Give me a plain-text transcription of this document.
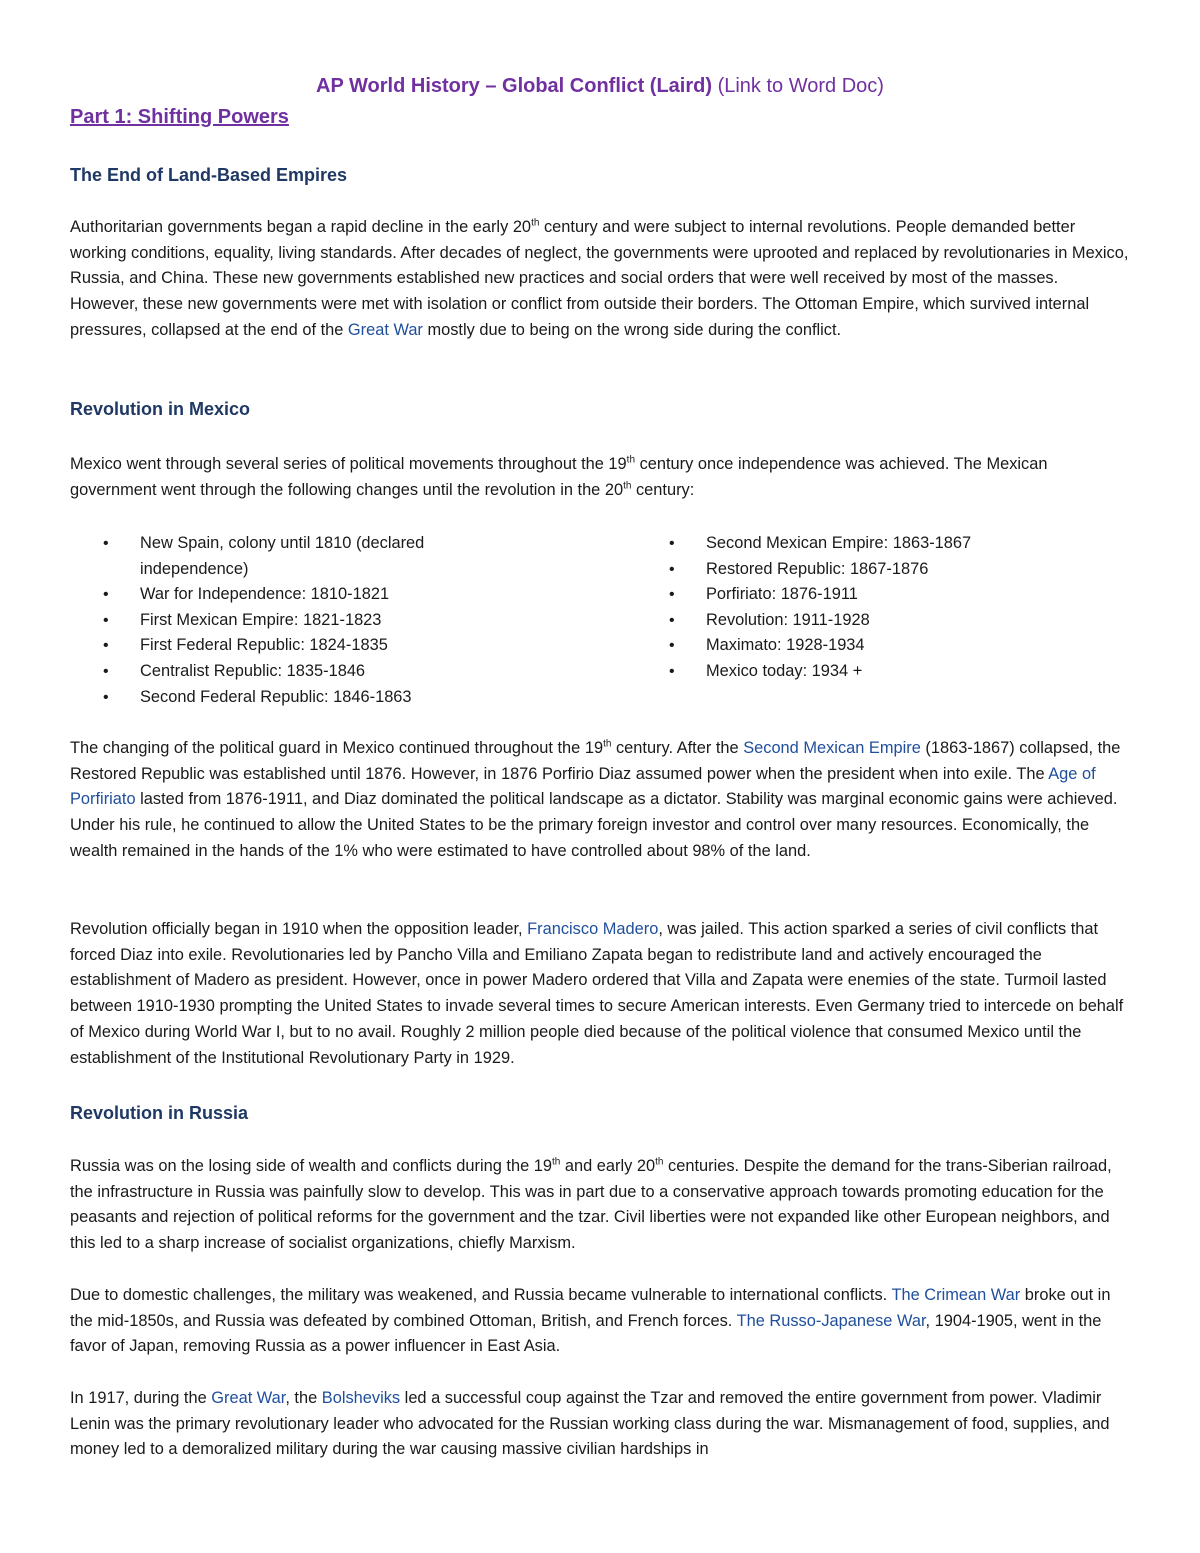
AP World History – Global Conflict (Laird) (Link to Word Doc)
Part 1: Shifting Powers
The End of Land-Based Empires
Authoritarian governments began a rapid decline in the early 20th century and were subject to internal revolutions. People demanded better working conditions, equality, living standards. After decades of neglect, the governments were uprooted and replaced by revolutionaries in Mexico, Russia, and China. These new governments established new practices and social orders that were well received by most of the masses. However, these new governments were met with isolation or conflict from outside their borders. The Ottoman Empire, which survived internal pressures, collapsed at the end of the Great War mostly due to being on the wrong side during the conflict.
Revolution in Mexico
Mexico went through several series of political movements throughout the 19th century once independence was achieved. The Mexican government went through the following changes until the revolution in the 20th century:
• New Spain, colony until 1810 (declared independence)
• War for Independence: 1810-1821
• First Mexican Empire: 1821-1823
• First Federal Republic: 1824-1835
• Centralist Republic: 1835-1846
• Second Federal Republic: 1846-1863
• Second Mexican Empire: 1863-1867
• Restored Republic: 1867-1876
• Porfiriato: 1876-1911
• Revolution: 1911-1928
• Maximato: 1928-1934
• Mexico today: 1934 +
The changing of the political guard in Mexico continued throughout the 19th century. After the Second Mexican Empire (1863-1867) collapsed, the Restored Republic was established until 1876. However, in 1876 Porfirio Diaz assumed power when the president when into exile. The Age of Porfiriato lasted from 1876-1911, and Diaz dominated the political landscape as a dictator. Stability was marginal economic gains were achieved. Under his rule, he continued to allow the United States to be the primary foreign investor and control over many resources. Economically, the wealth remained in the hands of the 1% who were estimated to have controlled about 98% of the land.
Revolution officially began in 1910 when the opposition leader, Francisco Madero, was jailed. This action sparked a series of civil conflicts that forced Diaz into exile. Revolutionaries led by Pancho Villa and Emiliano Zapata began to redistribute land and actively encouraged the establishment of Madero as president. However, once in power Madero ordered that Villa and Zapata were enemies of the state. Turmoil lasted between 1910-1930 prompting the United States to invade several times to secure American interests. Even Germany tried to intercede on behalf of Mexico during World War I, but to no avail. Roughly 2 million people died because of the political violence that consumed Mexico until the establishment of the Institutional Revolutionary Party in 1929.
Revolution in Russia
Russia was on the losing side of wealth and conflicts during the 19th and early 20th centuries. Despite the demand for the trans-Siberian railroad, the infrastructure in Russia was painfully slow to develop. This was in part due to a conservative approach towards promoting education for the peasants and rejection of political reforms for the government and the tzar. Civil liberties were not expanded like other European neighbors, and this led to a sharp increase of socialist organizations, chiefly Marxism.
Due to domestic challenges, the military was weakened, and Russia became vulnerable to international conflicts. The Crimean War broke out in the mid-1850s, and Russia was defeated by combined Ottoman, British, and French forces. The Russo-Japanese War, 1904-1905, went in the favor of Japan, removing Russia as a power influencer in East Asia.
In 1917, during the Great War, the Bolsheviks led a successful coup against the Tzar and removed the entire government from power. Vladimir Lenin was the primary revolutionary leader who advocated for the Russian working class during the war. Mismanagement of food, supplies, and money led to a demoralized military during the war causing massive civilian hardships in
